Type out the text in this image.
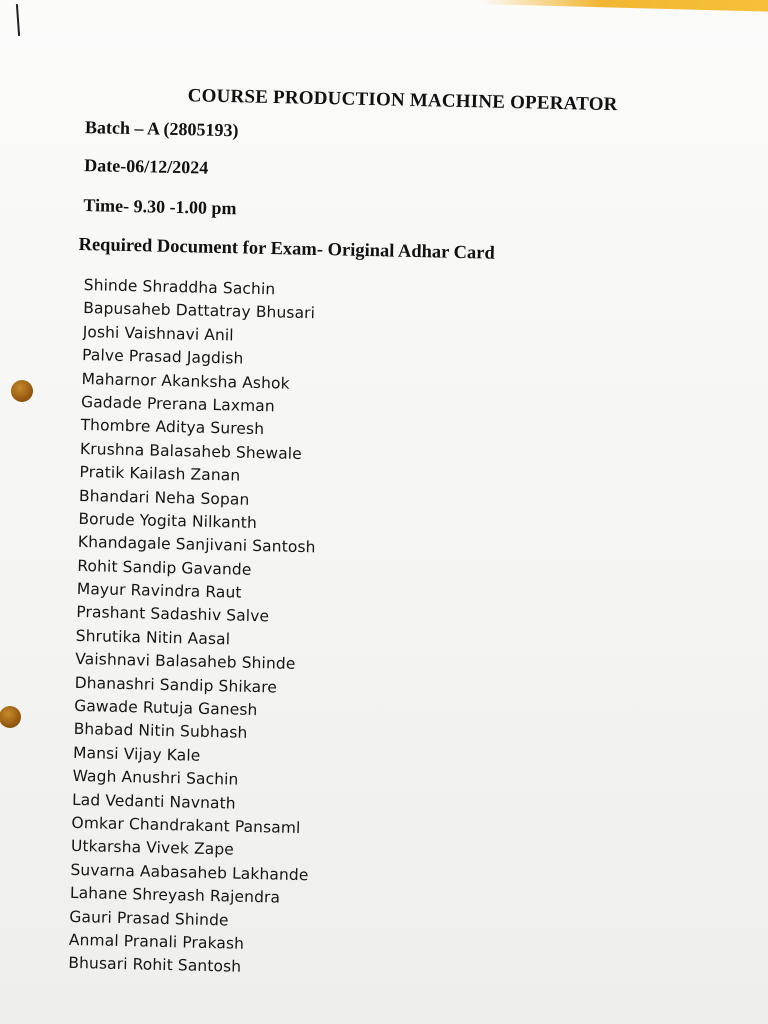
COURSE PRODUCTION MACHINE OPERATOR
Batch – A (2805193)
Date-06/12/2024
Time- 9.30 -1.00 pm
Required Document for Exam- Original Adhar Card
Shinde Shraddha Sachin
Bapusaheb Dattatray Bhusari
Joshi Vaishnavi Anil
Palve Prasad Jagdish
Maharnor Akanksha Ashok
Gadade Prerana Laxman
Thombre Aditya Suresh
Krushna Balasaheb Shewale
Pratik Kailash Zanan
Bhandari Neha Sopan
Borude Yogita Nilkanth
Khandagale Sanjivani Santosh
Rohit Sandip Gavande
Mayur Ravindra Raut
Prashant Sadashiv Salve
Shrutika Nitin Aasal
Vaishnavi Balasaheb Shinde
Dhanashri Sandip Shikare
Gawade Rutuja Ganesh
Bhabad Nitin Subhash
Mansi Vijay Kale
Wagh Anushri Sachin
Lad Vedanti Navnath
Omkar Chandrakant Pansaml
Utkarsha Vivek Zape
Suvarna Aabasaheb Lakhande
Lahane Shreyash Rajendra
Gauri Prasad Shinde
Anmal Pranali Prakash
Bhusari Rohit Santosh
